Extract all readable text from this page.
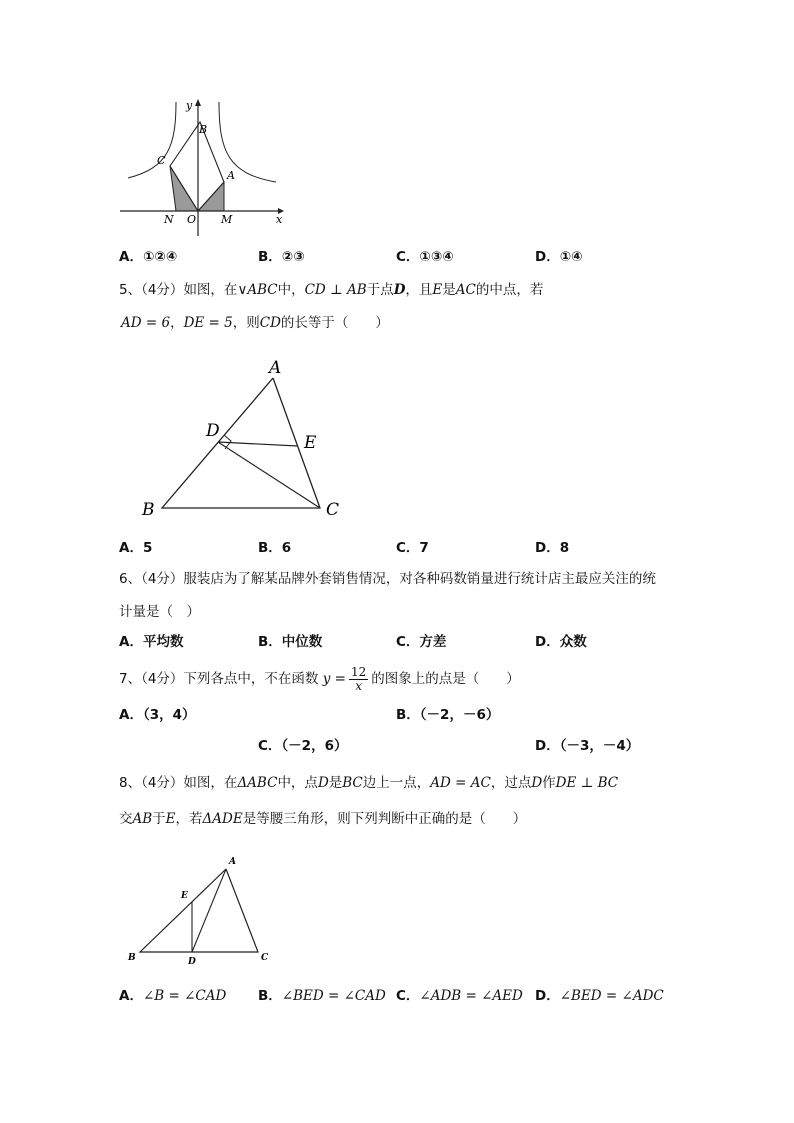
y
x
B
C
A
N O M
A．①②④	B．②③	C．①③④	D．①④
5、（4分）如图，在∨ABC中，CD ⊥ AB于点D，且E是AC的中点，若
AD = 6，DE = 5，则CD的长等于（　　）
A
D
E
B	C
A．5	B．6	C．7	D．8
6、（4分）服装店为了解某品牌外套销售情况，对各种码数销量进行统计店主最应关注的统
计量是（　）
A．平均数	B．中位数	C．方差	D．众数
7、（4分）下列各点中，不在函数 $y = \frac{12}{x}$ 的图象上的点是（　　）
A．（3，4）	B．（－2，－6）
C．（－2，6）	D．（－3，－4）
8、（4分）如图，在ΔABC中，点D是BC边上一点，AD = AC，过点D作DE ⊥ BC
交AB于E，若ΔADE是等腰三角形，则下列判断中正确的是（　　）
A
E
B	D	C
A．∠B = ∠CAD B．∠BED = ∠CAD C．∠ADB = ∠AED D．∠BED = ∠ADC
